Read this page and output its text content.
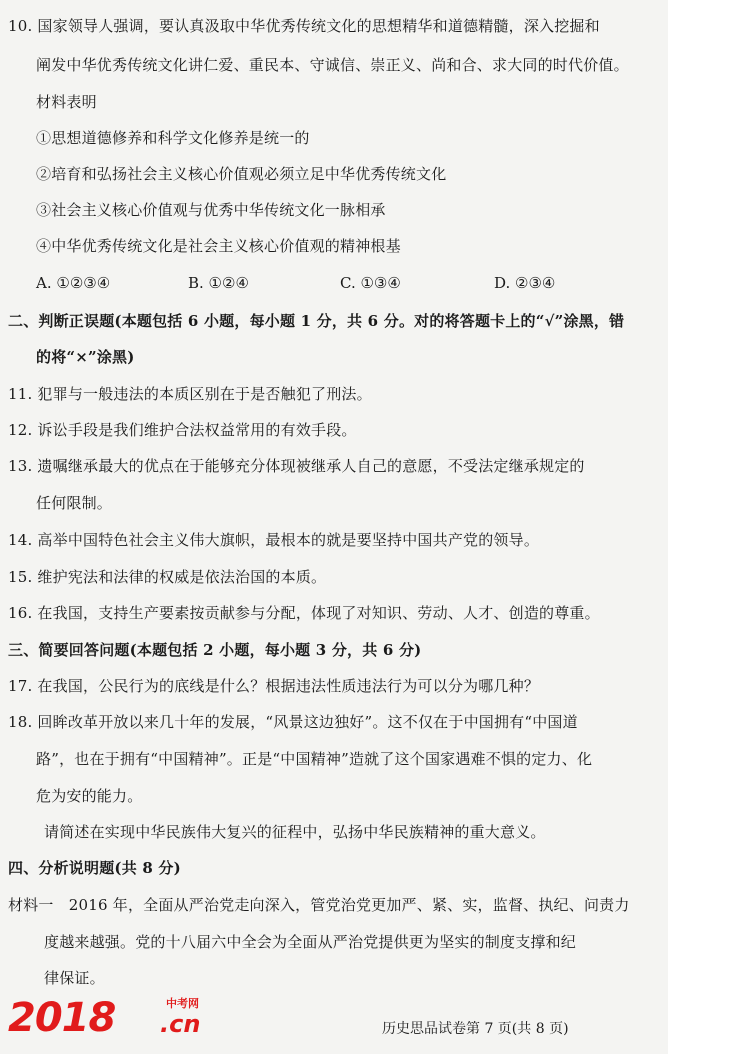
10. 国家领导人强调，要认真汲取中华优秀传统文化的思想精华和道德精髓，深入挖掘和
阐发中华优秀传统文化讲仁爱、重民本、守诚信、崇正义、尚和合、求大同的时代价值。
材料表明
①思想道德修养和科学文化修养是统一的
②培育和弘扬社会主义核心价值观必须立足中华优秀传统文化
③社会主义核心价值观与优秀中华传统文化一脉相承
④中华优秀传统文化是社会主义核心价值观的精神根基
A. ①②③④	B. ①②④	C. ①③④	D. ②③④
二、判断正误题(本题包括 6 小题，每小题 1 分，共 6 分。对的将答题卡上的“√”涂黑，错
的将“×”涂黑)
11. 犯罪与一般违法的本质区别在于是否触犯了刑法。
12. 诉讼手段是我们维护合法权益常用的有效手段。
13. 遗嘱继承最大的优点在于能够充分体现被继承人自己的意愿，不受法定继承规定的
任何限制。
14. 高举中国特色社会主义伟大旗帜，最根本的就是要坚持中国共产党的领导。
15. 维护宪法和法律的权威是依法治国的本质。
16. 在我国，支持生产要素按贡献参与分配，体现了对知识、劳动、人才、创造的尊重。
三、简要回答问题(本题包括 2 小题，每小题 3 分，共 6 分)
17. 在我国，公民行为的底线是什么？根据违法性质违法行为可以分为哪几种？
18. 回眸改革开放以来几十年的发展，“风景这边独好”。这不仅在于中国拥有“中国道
路”，也在于拥有“中国精神”。正是“中国精神”造就了这个国家遇难不惧的定力、化
危为安的能力。
请简述在实现中华民族伟大复兴的征程中，弘扬中华民族精神的重大意义。
四、分析说明题(共 8 分)
材料一　2016 年，全面从严治党走向深入，管党治党更加严、紧、实，监督、执纪、问责力
度越来越强。党的十八届六中全会为全面从严治党提供更为坚实的制度支撑和纪
律保证。
历史思品试卷第 7 页(共 8 页)
2018	中考网
.cn
